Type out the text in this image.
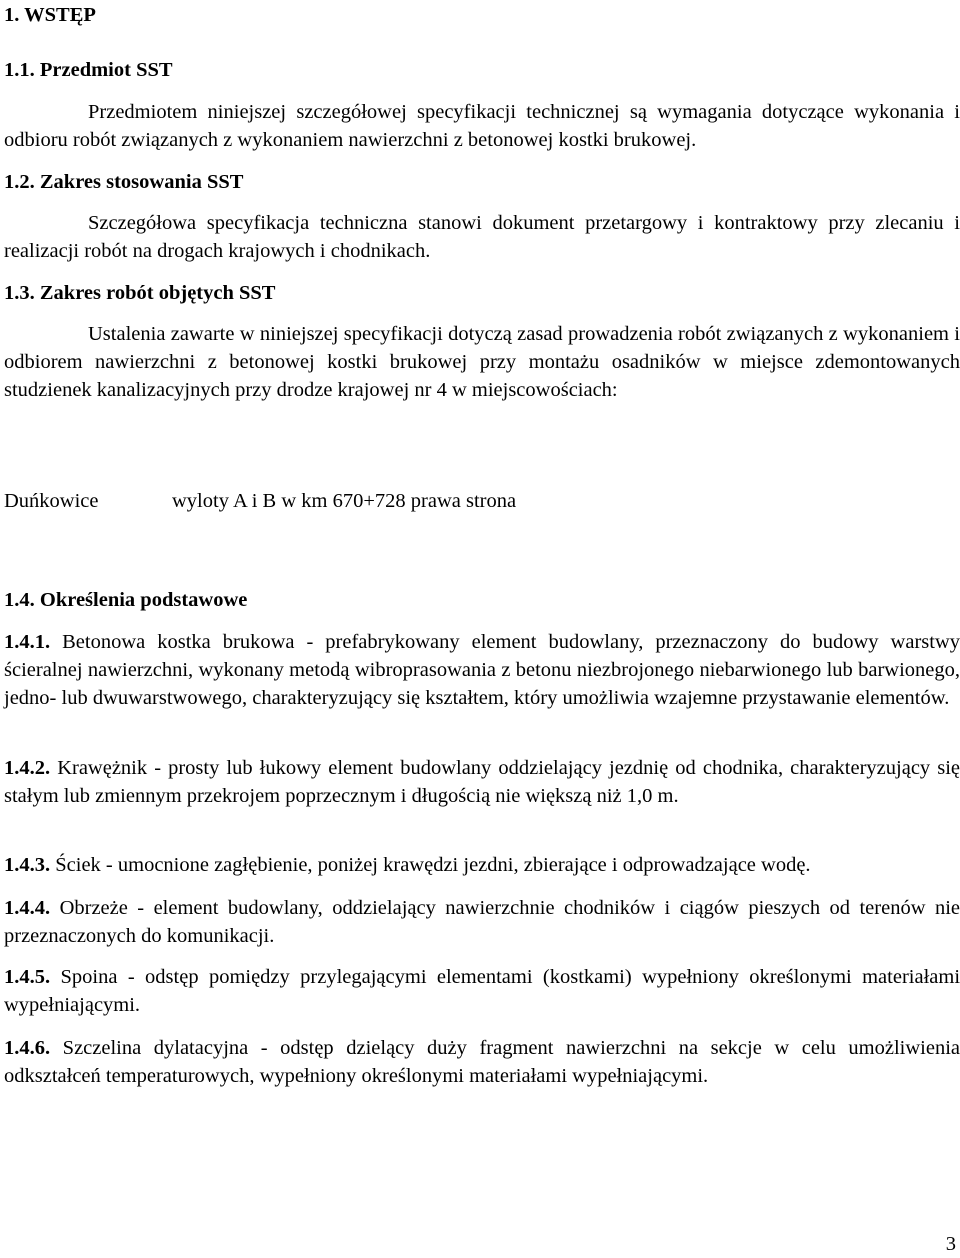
1. WSTĘP
1.1. Przedmiot SST
Przedmiotem niniejszej szczegółowej specyfikacji technicznej są wymagania dotyczące wykonania i odbioru robót związanych z wykonaniem nawierzchni z betonowej kostki brukowej.
1.2. Zakres stosowania SST
Szczegółowa specyfikacja techniczna stanowi dokument przetargowy i kontraktowy przy zlecaniu i realizacji robót na drogach krajowych i chodnikach.
1.3. Zakres robót objętych SST
Ustalenia zawarte w niniejszej specyfikacji dotyczą zasad prowadzenia robót związanych z wykonaniem i odbiorem nawierzchni z betonowej kostki brukowej przy montażu osadników w miejsce zdemontowanych studzienek kanalizacyjnych przy drodze krajowej nr 4 w miejscowościach:
Duńkowice	wyloty A i B w km 670+728 prawa strona
1.4. Określenia podstawowe
1.4.1. Betonowa kostka brukowa - prefabrykowany element budowlany, przeznaczony do budowy warstwy ścieralnej nawierzchni, wykonany metodą wibroprasowania z betonu niezbrojonego niebarwionego lub barwionego, jedno- lub dwuwarstwowego, charakteryzujący się kształtem, który umożliwia wzajemne przystawanie elementów.
1.4.2. Krawężnik - prosty lub łukowy element budowlany oddzielający jezdnię od chodnika, charakteryzujący się stałym lub zmiennym przekrojem poprzecznym i długością nie większą niż 1,0 m.
1.4.3. Ściek - umocnione zagłębienie, poniżej krawędzi jezdni, zbierające i odprowadzające wodę.
1.4.4. Obrzeże - element budowlany, oddzielający nawierzchnie chodników i ciągów pieszych od terenów nie przeznaczonych do komunikacji.
1.4.5. Spoina - odstęp pomiędzy przylegającymi elementami (kostkami) wypełniony określonymi materiałami wypełniającymi.
1.4.6. Szczelina dylatacyjna - odstęp dzielący duży fragment nawierzchni na sekcje w celu umożliwienia odkształceń temperaturowych, wypełniony określonymi materiałami wypełniającymi.
3
